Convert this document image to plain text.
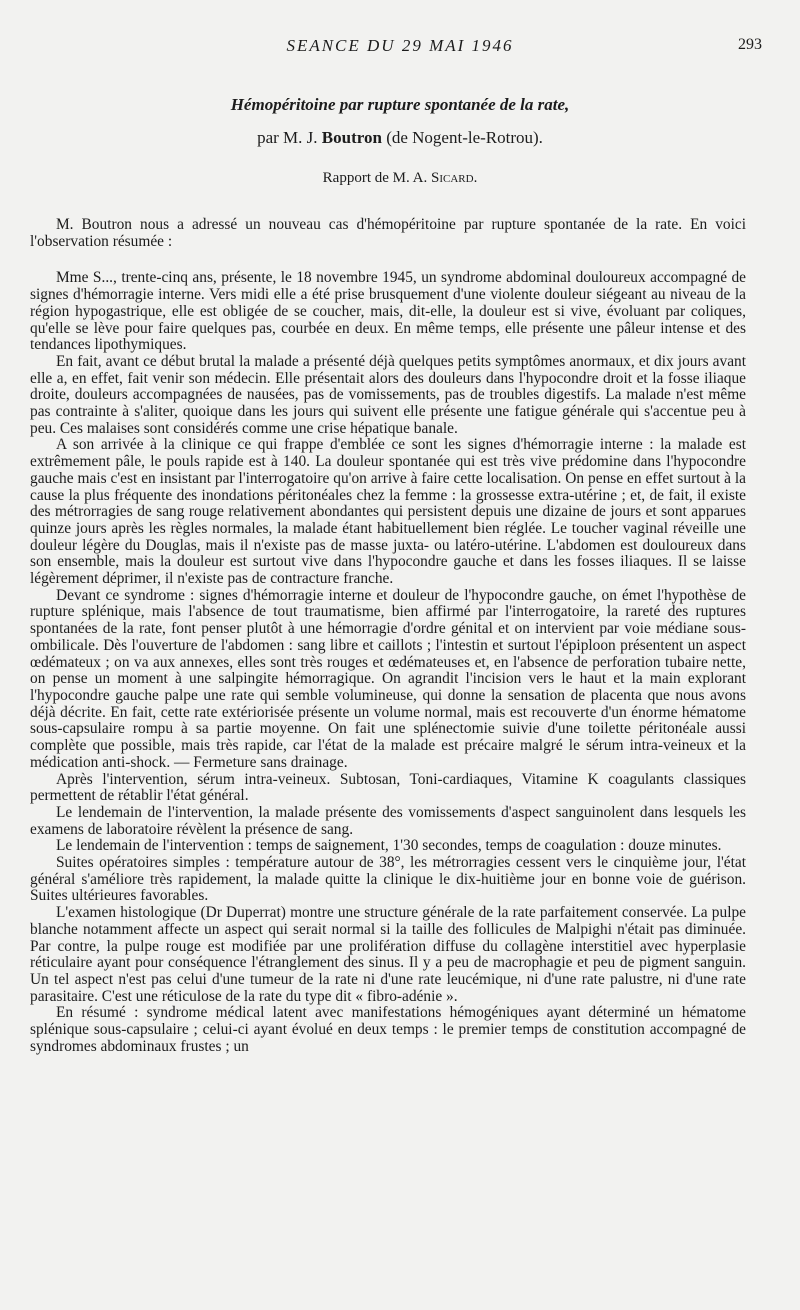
SEANCE DU 29 MAI 1946	293
Hémopéritoine par rupture spontanée de la rate,
par M. J. Boutron (de Nogent-le-Rotrou).
Rapport de M. A. Sicard.

M. Boutron nous a adressé un nouveau cas d'hémopéritoine par rupture spontanée de la rate. En voici l'observation résumée :

Mme S..., trente-cinq ans, présente, le 18 novembre 1945, un syndrome abdominal douloureux accompagné de signes d'hémorragie interne. Vers midi elle a été prise brusquement d'une violente douleur siégeant au niveau de la région hypogastrique, elle est obligée de se coucher, mais, dit-elle, la douleur est si vive, évoluant par coliques, qu'elle se lève pour faire quelques pas, courbée en deux. En même temps, elle présente une pâleur intense et des tendances lipothymiques.

En fait, avant ce début brutal la malade a présenté déjà quelques petits symptômes anormaux, et dix jours avant elle a, en effet, fait venir son médecin. Elle présentait alors des douleurs dans l'hypocondre droit et la fosse iliaque droite, douleurs accompagnées de nausées, pas de vomissements, pas de troubles digestifs. La malade n'est même pas contrainte à s'aliter, quoique dans les jours qui suivent elle présente une fatigue générale qui s'accentue peu à peu. Ces malaises sont considérés comme une crise hépatique banale.

A son arrivée à la clinique ce qui frappe d'emblée ce sont les signes d'hémorragie interne : la malade est extrêmement pâle, le pouls rapide est à 140. La douleur spontanée qui est très vive prédomine dans l'hypocondre gauche mais c'est en insistant par l'interrogatoire qu'on arrive à faire cette localisation. On pense en effet surtout à la cause la plus fréquente des inondations péritonéales chez la femme : la grossesse extra-utérine ; et, de fait, il existe des métrorragies de sang rouge relativement abondantes qui persistent depuis une dizaine de jours et sont apparues quinze jours après les règles normales, la malade étant habituellement bien réglée. Le toucher vaginal réveille une douleur légère du Douglas, mais il n'existe pas de masse juxta- ou latéro-utérine. L'abdomen est douloureux dans son ensemble, mais la douleur est surtout vive dans l'hypocondre gauche et dans les fosses iliaques. Il se laisse légèrement déprimer, il n'existe pas de contracture franche.

Devant ce syndrome : signes d'hémorragie interne et douleur de l'hypocondre gauche, on émet l'hypothèse de rupture splénique, mais l'absence de tout traumatisme, bien affirmé par l'interrogatoire, la rareté des ruptures spontanées de la rate, font penser plutôt à une hémorragie d'ordre génital et on intervient par voie médiane sous-ombilicale. Dès l'ouverture de l'abdomen : sang libre et caillots ; l'intestin et surtout l'épiploon présentent un aspect œdémateux ; on va aux annexes, elles sont très rouges et œdémateuses et, en l'absence de perforation tubaire nette, on pense un moment à une salpingite hémorragique. On agrandit l'incision vers le haut et la main explorant l'hypocondre gauche palpe une rate qui semble volumineuse, qui donne la sensation de placenta que nous avons déjà décrite. En fait, cette rate extériorisée présente un volume normal, mais est recouverte d'un énorme hématome sous-capsulaire rompu à sa partie moyenne. On fait une splénectomie suivie d'une toilette péritonéale aussi complète que possible, mais très rapide, car l'état de la malade est précaire malgré le sérum intra-veineux et la médication anti-shock. — Fermeture sans drainage.

Après l'intervention, sérum intra-veineux. Subtosan, Toni-cardiaques, Vitamine K coagulants classiques permettent de rétablir l'état général.

Le lendemain de l'intervention, la malade présente des vomissements d'aspect sanguinolent dans lesquels les examens de laboratoire révèlent la présence de sang.

Le lendemain de l'intervention : temps de saignement, 1'30 secondes, temps de coagulation : douze minutes.

Suites opératoires simples : température autour de 38°, les métrorragies cessent vers le cinquième jour, l'état général s'améliore très rapidement, la malade quitte la clinique le dix-huitième jour en bonne voie de guérison. Suites ultérieures favorables.

L'examen histologique (Dr Duperrat) montre une structure générale de la rate parfaitement conservée. La pulpe blanche notamment affecte un aspect qui serait normal si la taille des follicules de Malpighi n'était pas diminuée. Par contre, la pulpe rouge est modifiée par une prolifération diffuse du collagène interstitiel avec hyperplasie réticulaire ayant pour conséquence l'étranglement des sinus. Il y a peu de macrophagie et peu de pigment sanguin. Un tel aspect n'est pas celui d'une tumeur de la rate ni d'une rate leucémique, ni d'une rate palustre, ni d'une rate parasitaire. C'est une réticulose de la rate du type dit « fibro-adénie ».

En résumé : syndrome médical latent avec manifestations hémogéniques ayant déterminé un hématome splénique sous-capsulaire ; celui-ci ayant évolué en deux temps : le premier temps de constitution accompagné de syndromes abdominaux frustes ; un
